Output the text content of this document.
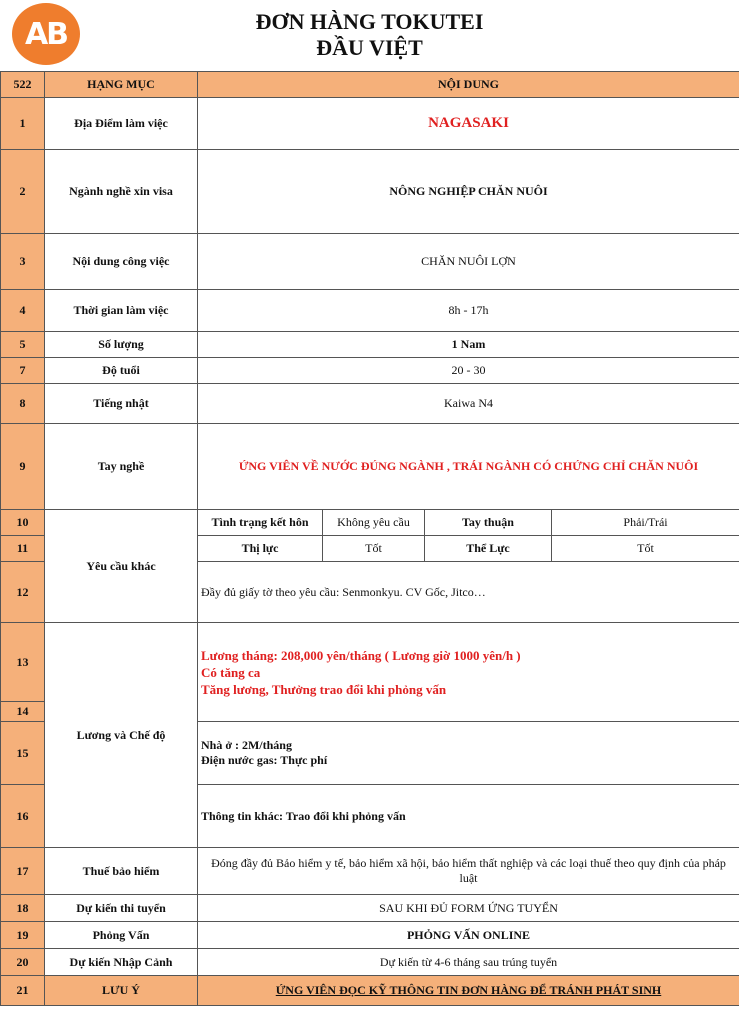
AB	ĐƠN HÀNG TOKUTEI
ĐẦU VIỆT
522	HẠNG MỤC	NỘI DUNG			
1	Địa Điểm làm việc	NAGASAKI			
2	Ngành nghề xin visa	NÔNG NGHIỆP CHĂN NUÔI			
3	Nội dung công việc	CHĂN NUÔI LỢN			
4	Thời gian làm việc	8h - 17h			
5	Số lượng	1 Nam			
7	Độ tuổi	20 - 30			
8	Tiếng nhật	Kaiwa N4			
9	Tay nghề	ỨNG VIÊN VỀ NƯỚC ĐÚNG NGÀNH , TRÁI NGÀNH CÓ CHỨNG CHỈ CHĂN NUÔI			
10	Yêu cầu khác	Tình trạng kết hôn	Không yêu cầu	Tay thuận	Phải/Trái
11		Thị lực	Tốt	Thể Lực	Tốt
12		Đầy đủ giấy tờ theo yêu cầu: Senmonkyu. CV Gốc, Jitco…			
13	Lương và Chế độ	Lương tháng: 208,000 yên/tháng ( Lương giờ 1000 yên/h )
Có tăng ca
Tăng lương, Thưởng trao đổi khi phỏng vấn			

14					
15		Nhà ở : 2M/tháng
Điện nước gas: Thực phí			

16		Thông tin khác: Trao đổi khi phỏng vấn			
17	Thuế bảo hiểm	Đóng đầy đủ Bảo hiểm y tế, bảo hiểm xã hội, bảo hiểm thất nghiệp và các loại thuế theo quy định của pháp luật			
18	Dự kiến thi tuyển	SAU KHI ĐỦ FORM ỨNG TUYỂN			
19	Phỏng Vấn	PHỎNG VẤN ONLINE			
20	Dự kiến Nhập Cảnh	Dự kiến từ 4-6 tháng sau trúng tuyển			
21	LƯU Ý	ỨNG VIÊN ĐỌC KỸ THÔNG TIN ĐƠN HÀNG ĐỂ TRÁNH PHÁT SINH			
